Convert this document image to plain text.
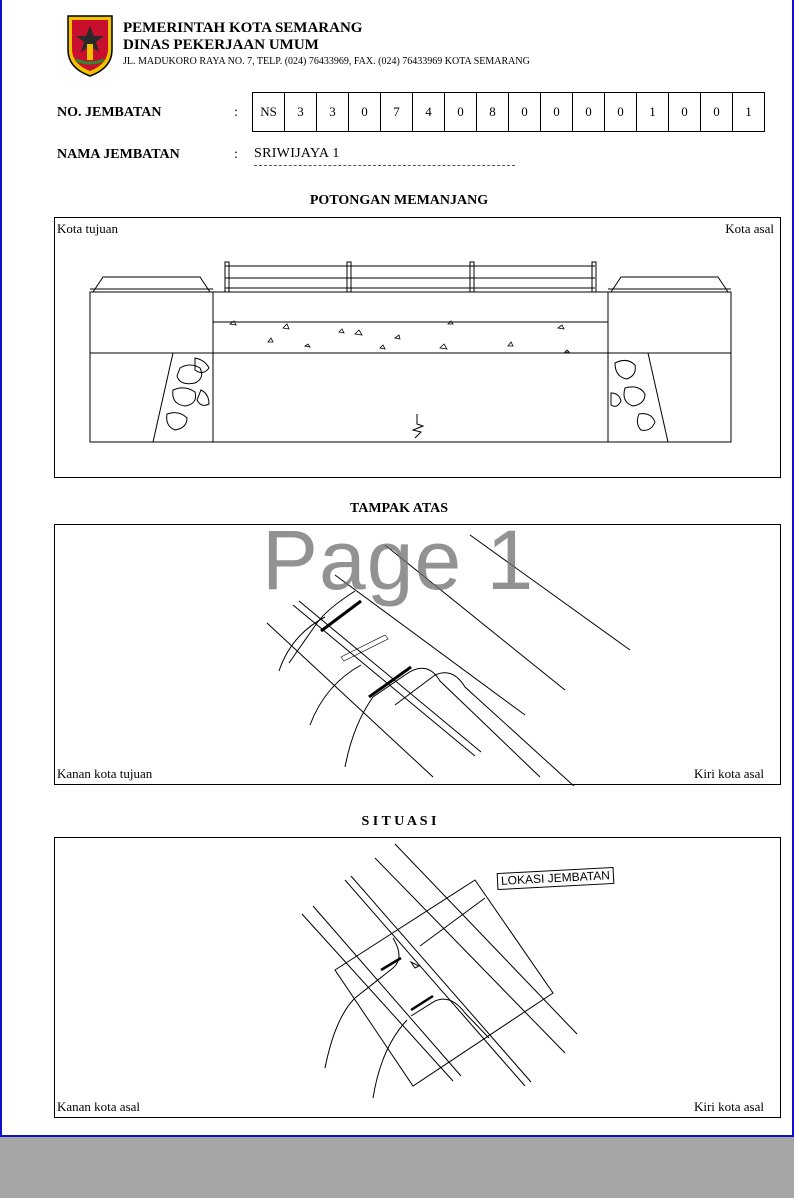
PEMERINTAH KOTA SEMARANG
DINAS PEKERJAAN UMUM
JL. MADUKORO RAYA NO. 7, TELP. (024) 76433969, FAX. (024) 76433969 KOTA SEMARANG
NO. JEMBATAN	: NS	3	3	0	7	4	0	8	0	0	0	0	1	0	0	1
NAMA JEMBATAN	: SRIWIJAYA 1
POTONGAN MEMANJANG
Kota tujuan	Kota asal
TAMPAK ATAS
Kanan kota tujuan	Kiri kota asal
S I T U A S I
Kanan kota asal	Kiri kota asal
LOKASI JEMBATAN
Page 1
